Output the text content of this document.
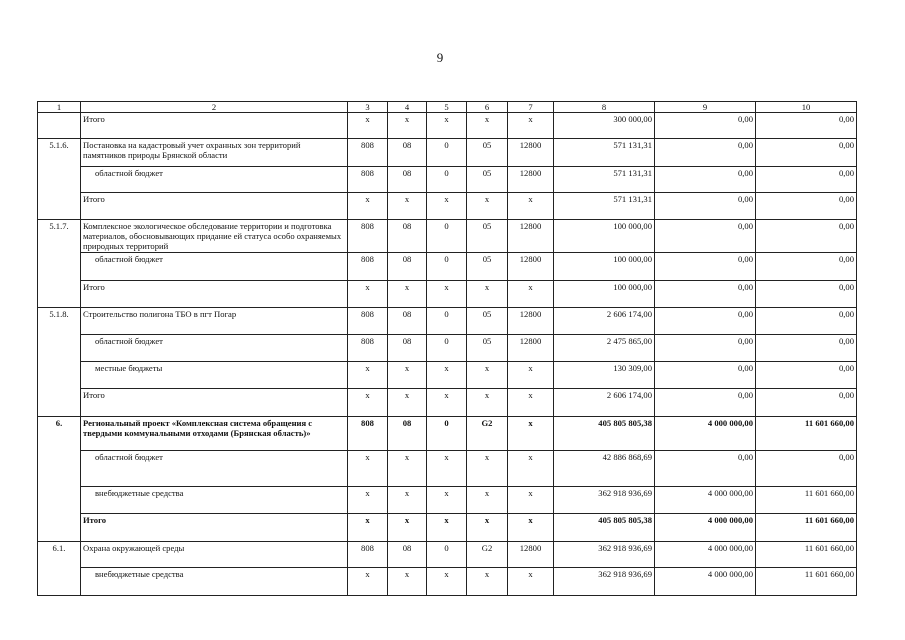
9
1	2	3	4	5	6	7	8	9	10
	Итого	x	x	x	x	x	300 000,00	0,00	0,00
5.1.6.	Постановка на кадастровый учет охранных зон территорий памятников природы Брянской области	808	08	0	05	12800	571 131,31	0,00	0,00
	областной бюджет	808	08	0	05	12800	571 131,31	0,00	0,00
	Итого	x	x	x	x	x	571 131,31	0,00	0,00
5.1.7.	Комплексное экологическое обследование территории и подготовка материалов, обосновывающих придание ей статуса особо охраняемых природных территорий	808	08	0	05	12800	100 000,00	0,00	0,00
	областной бюджет	808	08	0	05	12800	100 000,00	0,00	0,00
	Итого	x	x	x	x	x	100 000,00	0,00	0,00
5.1.8.	Строительство полигона ТБО в пгт Погар	808	08	0	05	12800	2 606 174,00	0,00	0,00
	областной бюджет	808	08	0	05	12800	2 475 865,00	0,00	0,00
	местные бюджеты	x	x	x	x	x	130 309,00	0,00	0,00
	Итого	x	x	x	x	x	2 606 174,00	0,00	0,00
6.	Региональный проект «Комплексная система обращения с твердыми коммунальными отходами (Брянская область)»	808	08	0	G2	x	405 805 805,38	4 000 000,00	11 601 660,00
	областной бюджет	x	x	x	x	x	42 886 868,69	0,00	0,00
	внебюджетные средства	x	x	x	x	x	362 918 936,69	4 000 000,00	11 601 660,00
	Итого	x	x	x	x	x	405 805 805,38	4 000 000,00	11 601 660,00
6.1.	Охрана окружающей среды	808	08	0	G2	12800	362 918 936,69	4 000 000,00	11 601 660,00
	внебюджетные средства	x	x	x	x	x	362 918 936,69	4 000 000,00	11 601 660,00
